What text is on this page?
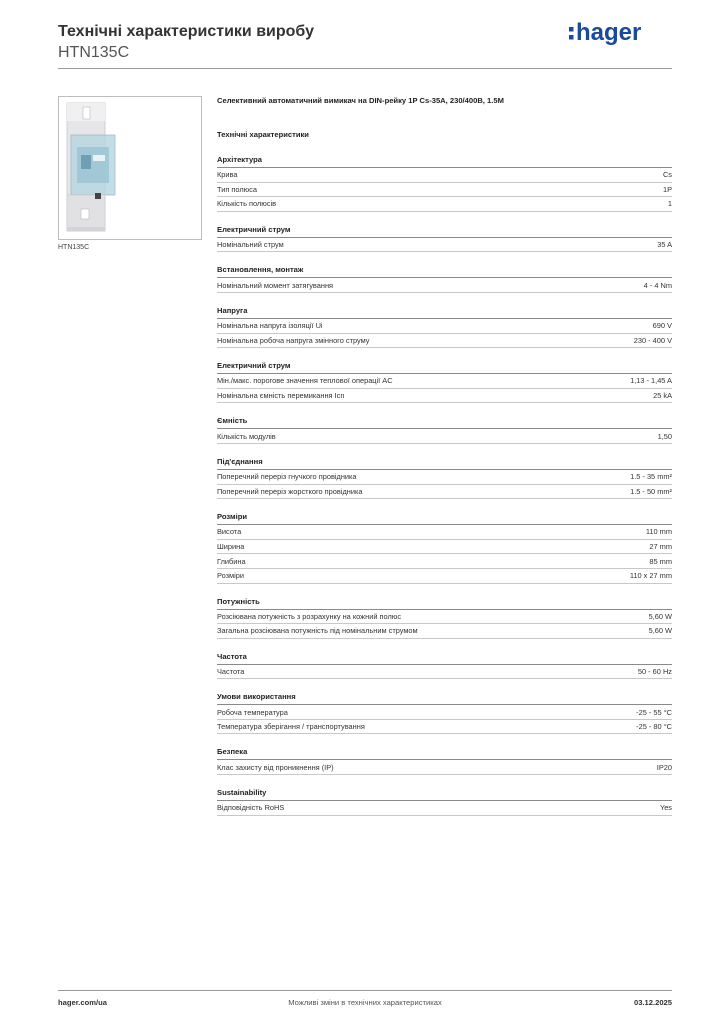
Технічні характеристики виробу
HTN135C
hager
HTN135C
Селективний автоматичний вимикач на DIN-рейку 1P Cs-35A, 230/400В, 1.5M
Технічні характеристики
Архітектура
Крива	Cs
Тип полюса	1P
Кількість полюсів	1
Електричний струм
Номінальний струм	35 A
Встановлення, монтаж
Номінальний момент затягування	4 - 4 Nm
Напруга
Номінальна напруга ізоляції Ui	690 V
Номінальна робоча напруга змінного струму	230 - 400 V
Електричний струм
Мін./макс. порогове значення теплової операції AC	1,13 - 1,45 A
Номінальна ємність перемикання Icn	25 kA
Ємність
Кількість модулів	1,50
Під'єднання
Поперечний переріз гнучкого провідника	1.5 - 35 mm²
Поперечний переріз жорсткого провідника	1.5 - 50 mm²
Розміри
Висота	110 mm
Ширина	27 mm
Глибина	85 mm
Розміри	110 x 27 mm
Потужність
Розсіювана потужність з розрахунку на кожний полюс	5,60 W
Загальна розсіювана потужність під номінальним струмом	5,60 W
Частота
Частота	50 - 60 Hz
Умови використання
Робоча температура	-25 - 55 °C
Температура зберігання / транспортування	-25 - 80 °C
Безпека
Клас захисту від проникнення (IP)	IP20
Sustainability
Відповідність RoHS	Yes
hager.com/ua	Можливі зміни в технічних характеристиках	03.12.2025
